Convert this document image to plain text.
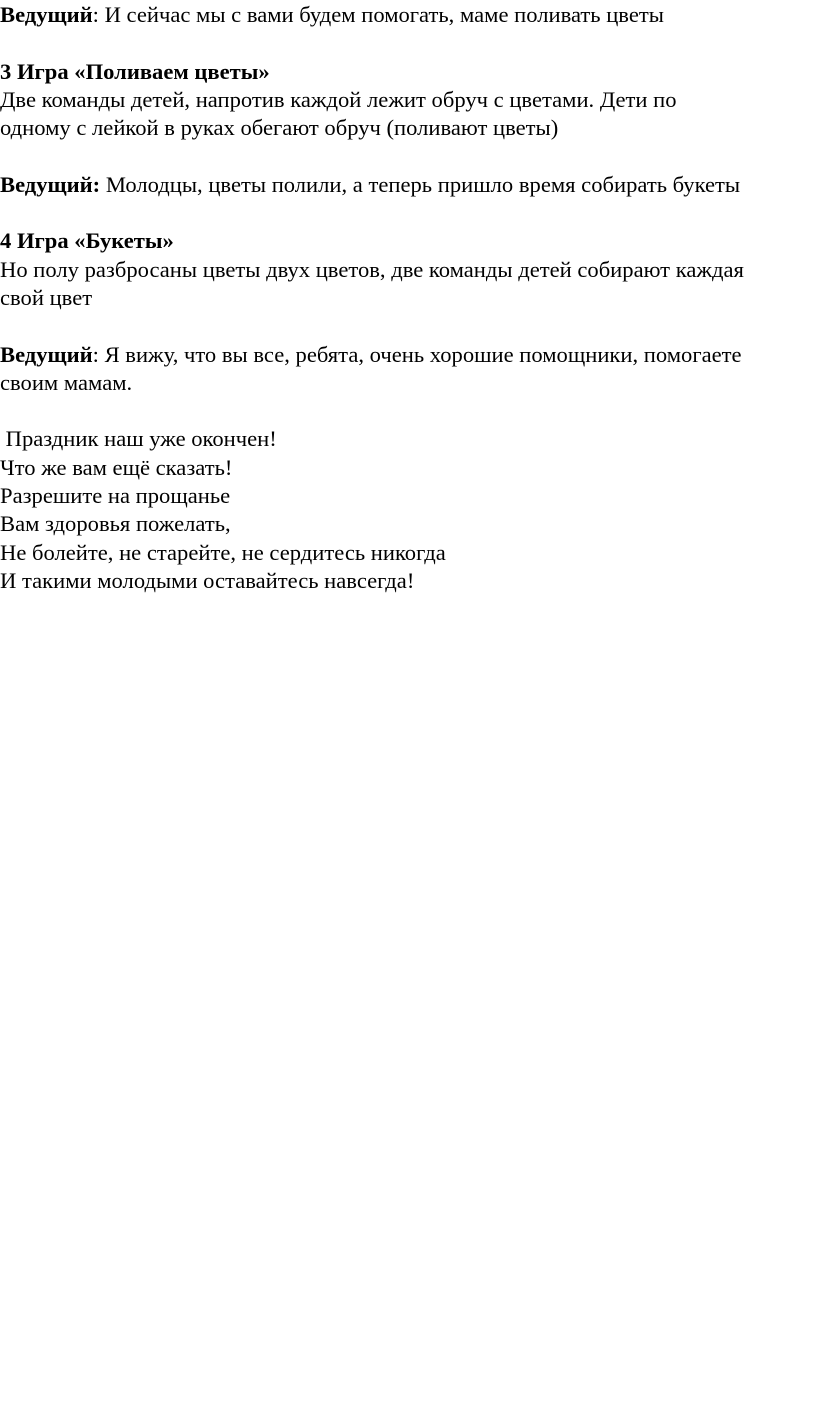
Ведущий: И сейчас мы с вами будем помогать, маме поливать цветы

3 Игра «Поливаем цветы»

Две команды детей, напротив каждой лежит обруч с цветами. Дети по

одному с лейкой в руках обегают обруч (поливают цветы)

Ведущий: Молодцы, цветы полили, а теперь пришло время собирать букеты

4 Игра «Букеты»

Но полу разбросаны цветы двух цветов, две команды детей собирают каждая

свой цвет

Ведущий: Я вижу, что вы все, ребята, очень хорошие помощники, помогаете

своим мамам.

Праздник наш уже окончен!

Что же вам ещё сказать!

Разрешите на прощанье

Вам здоровья пожелать,

Не болейте, не старейте, не сердитесь никогда

И такими молодыми оставайтесь навсегда!
